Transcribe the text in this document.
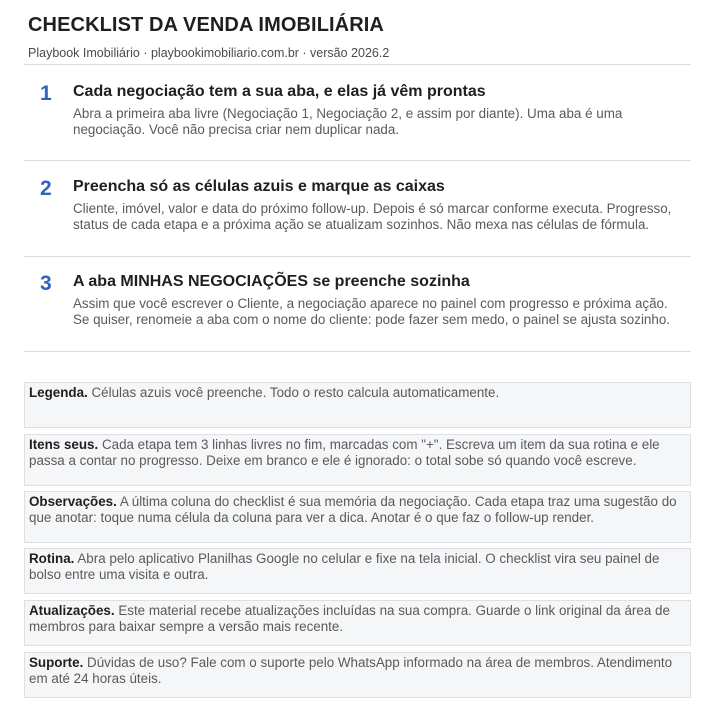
CHECKLIST DA VENDA IMOBILIÁRIA
Playbook Imobiliário · playbookimobiliario.com.br · versão 2026.2
1 Cada negociação tem a sua aba, e elas já vêm prontas
Abra a primeira aba livre (Negociação 1, Negociação 2, e assim por diante). Uma aba é uma negociação. Você não precisa criar nem duplicar nada.
2 Preencha só as células azuis e marque as caixas
Cliente, imóvel, valor e data do próximo follow-up. Depois é só marcar conforme executa. Progresso, status de cada etapa e a próxima ação se atualizam sozinhos. Não mexa nas células de fórmula.
3 A aba MINHAS NEGOCIAÇÕES se preenche sozinha
Assim que você escrever o Cliente, a negociação aparece no painel com progresso e próxima ação. Se quiser, renomeie a aba com o nome do cliente: pode fazer sem medo, o painel se ajusta sozinho.
Legenda. Células azuis você preenche. Todo o resto calcula automaticamente.
Itens seus. Cada etapa tem 3 linhas livres no fim, marcadas com "+". Escreva um item da sua rotina e ele passa a contar no progresso. Deixe em branco e ele é ignorado: o total sobe só quando você escreve.
Observações. A última coluna do checklist é sua memória da negociação. Cada etapa traz uma sugestão do que anotar: toque numa célula da coluna para ver a dica. Anotar é o que faz o follow-up render.
Rotina. Abra pelo aplicativo Planilhas Google no celular e fixe na tela inicial. O checklist vira seu painel de bolso entre uma visita e outra.
Atualizações. Este material recebe atualizações incluídas na sua compra. Guarde o link original da área de membros para baixar sempre a versão mais recente.
Suporte. Dúvidas de uso? Fale com o suporte pelo WhatsApp informado na área de membros. Atendimento em até 24 horas úteis.
